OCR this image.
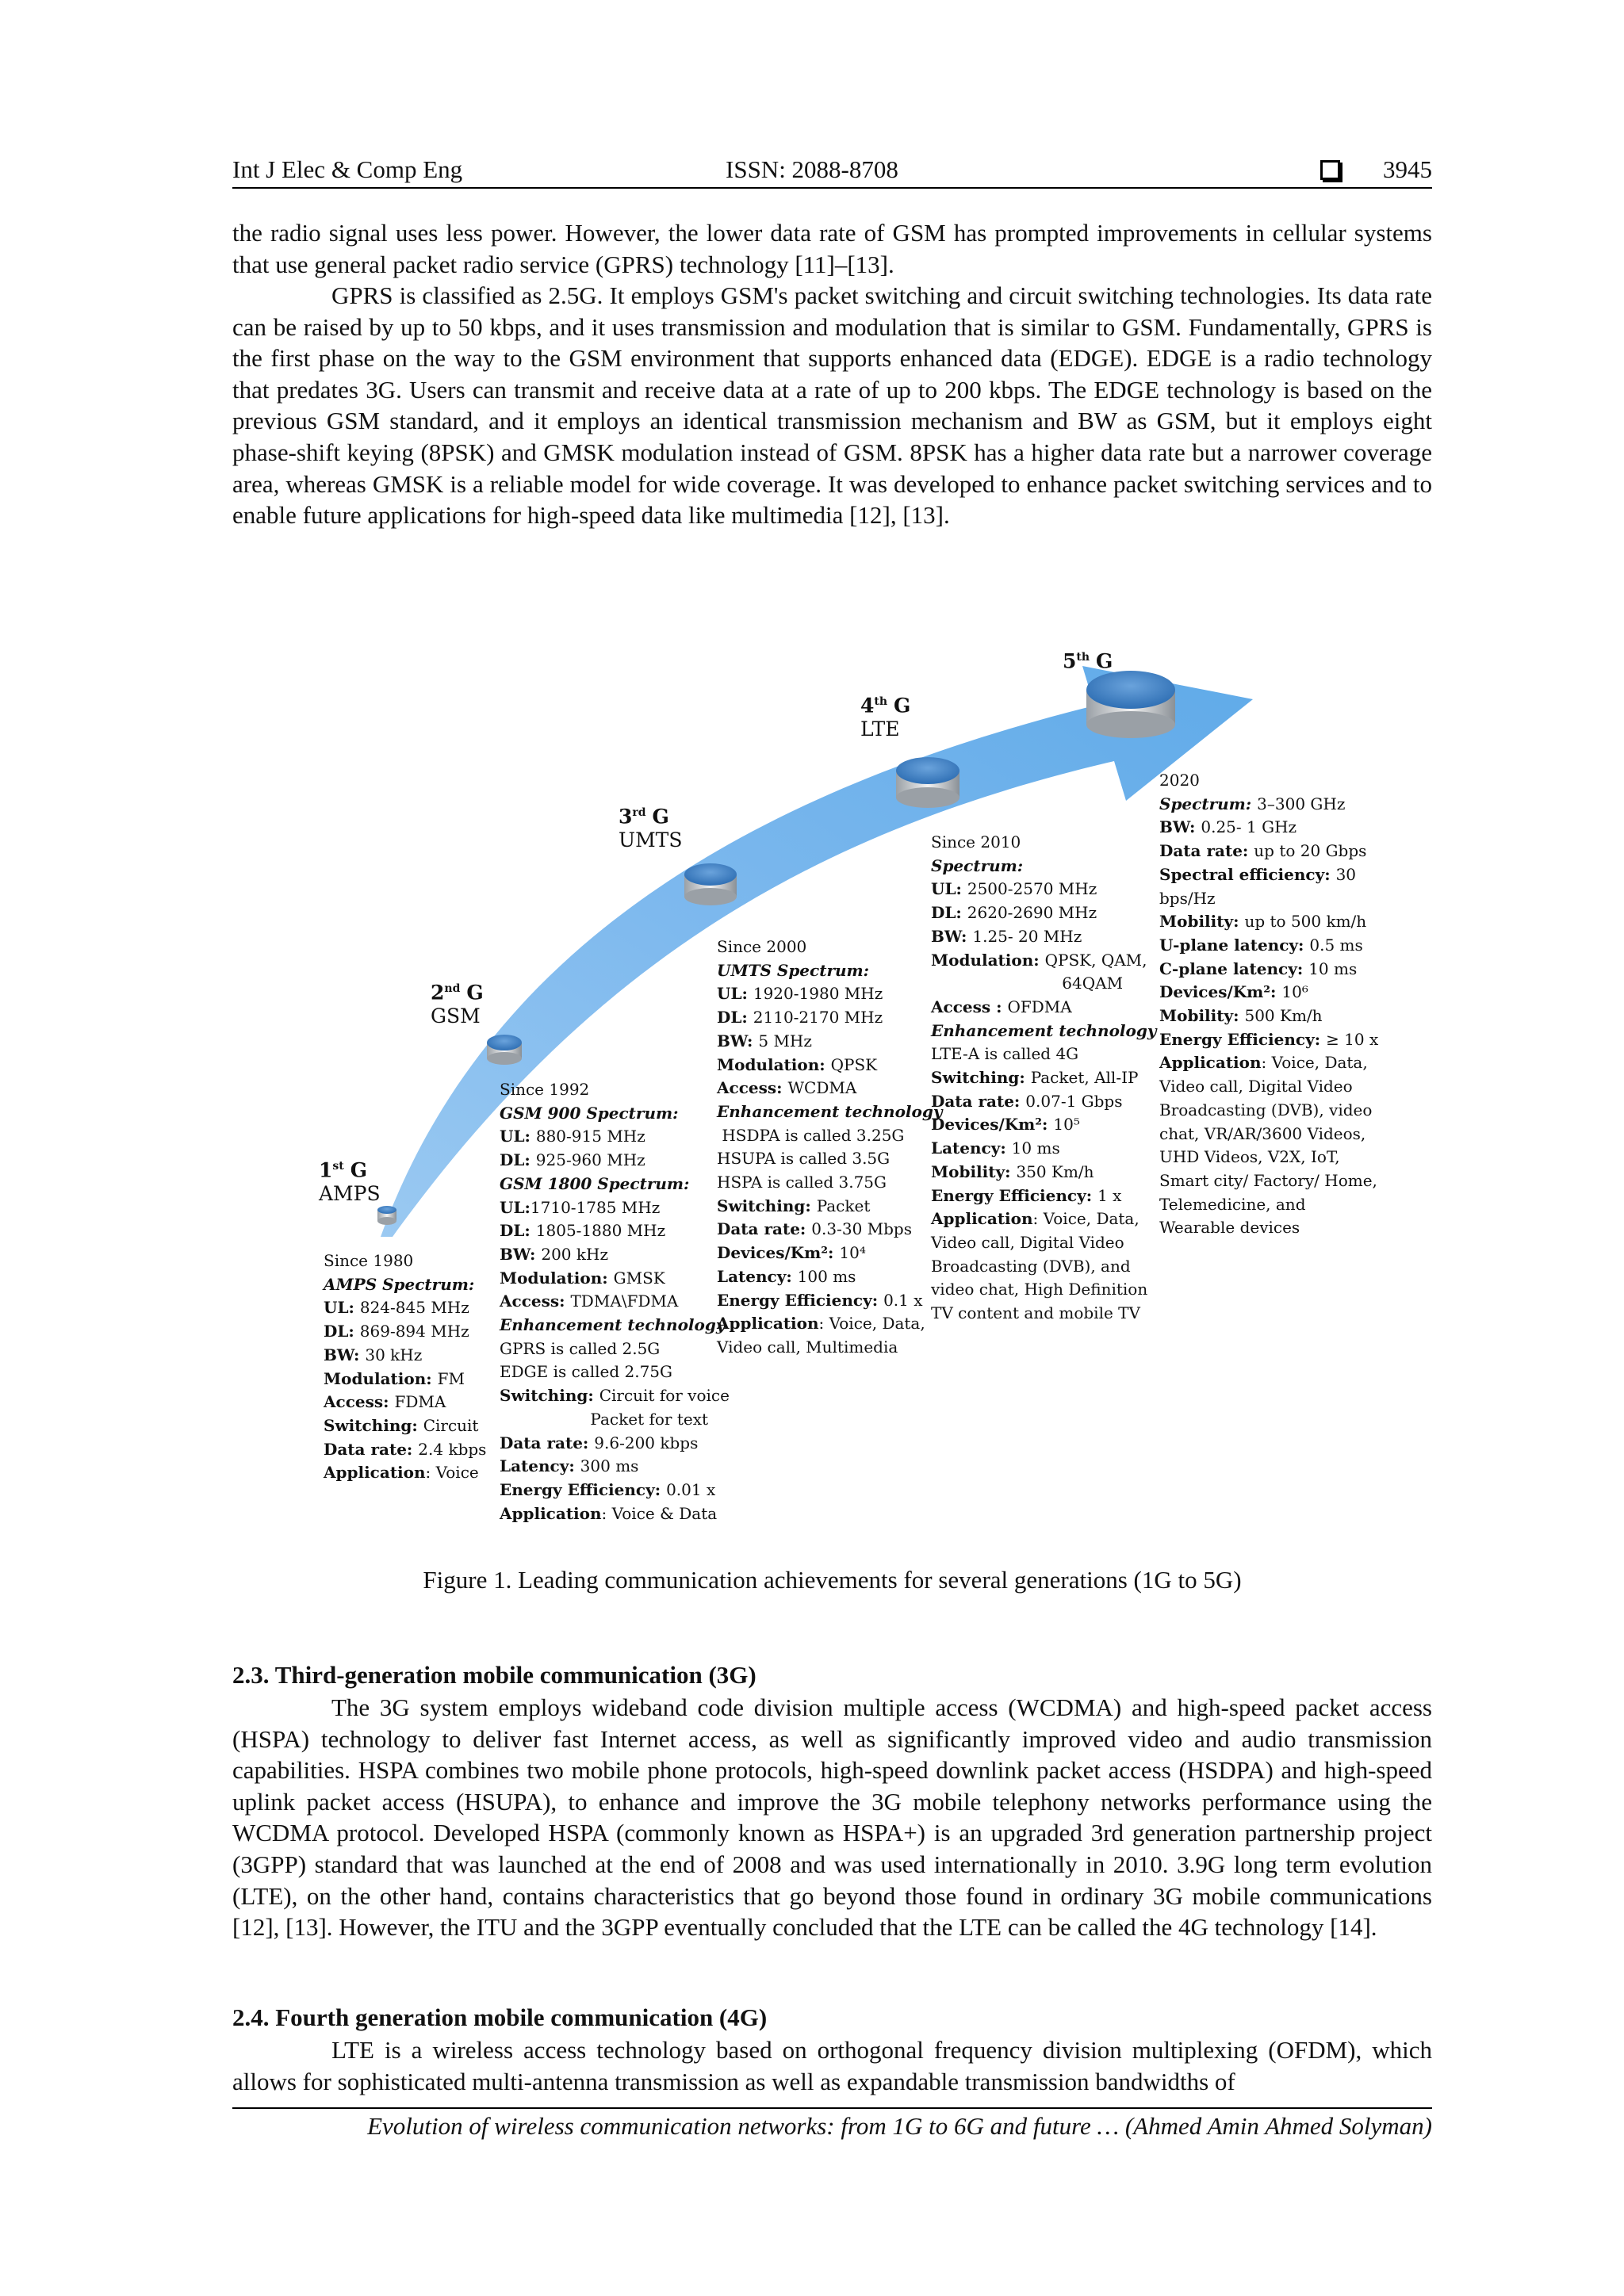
Int J Elec & Comp Eng	ISSN: 2088-8708	3945

the radio signal uses less power. However, the lower data rate of GSM has prompted improvements in cellular systems that use general packet radio service (GPRS) technology [11]–[13].

GPRS is classified as 2.5G. It employs GSM's packet switching and circuit switching technologies. Its data rate can be raised by up to 50 kbps, and it uses transmission and modulation that is similar to GSM. Fundamentally, GPRS is the first phase on the way to the GSM environment that supports enhanced data (EDGE). EDGE is a radio technology that predates 3G. Users can transmit and receive data at a rate of up to 200 kbps. The EDGE technology is based on the previous GSM standard, and it employs an identical transmission mechanism and BW as GSM, but it employs eight phase-shift keying (8PSK) and GMSK modulation instead of GSM. 8PSK has a higher data rate but a narrower coverage area, whereas GMSK is a reliable model for wide coverage. It was developed to enhance packet switching services and to enable future applications for high-speed data like multimedia [12], [13].

1st G
AMPS
2nd G
GSM
3rd G
UMTS
4th G
LTE
5th G
Since 1980
AMPS Spectrum:
UL: 824-845 MHz
DL: 869-894 MHz
BW: 30 kHz
Modulation: FM
Access: FDMA
Switching: Circuit
Data rate: 2.4 kbps
Application: Voice
Since 1992
GSM 900 Spectrum:
UL: 880-915 MHz
DL: 925-960 MHz
GSM 1800 Spectrum:
UL:1710-1785 MHz
DL: 1805-1880 MHz
BW: 200 kHz
Modulation: GMSK
Access: TDMA\FDMA
Enhancement technology
GPRS is called 2.5G
EDGE is called 2.75G
Switching: Circuit for voice
Packet for text
Data rate: 9.6-200 kbps
Latency: 300 ms
Energy Efficiency: 0.01 x
Application: Voice & Data
Since 2000
UMTS Spectrum:
UL: 1920-1980 MHz
DL: 2110-2170 MHz
BW: 5 MHz
Modulation: QPSK
Access: WCDMA
Enhancement technology
HSDPA is called 3.25G
HSUPA is called 3.5G
HSPA is called 3.75G
Switching: Packet
Data rate: 0.3-30 Mbps
Devices/Km²: 10⁴
Latency: 100 ms
Energy Efficiency: 0.1 x
Application: Voice, Data,
Video call, Multimedia
Since 2010
Spectrum:
UL: 2500-2570 MHz
DL: 2620-2690 MHz
BW: 1.25- 20 MHz
Modulation: QPSK, QAM,
64QAM
Access : OFDMA
Enhancement technology
LTE-A is called 4G
Switching: Packet, All-IP
Data rate: 0.07-1 Gbps
Devices/Km²: 10⁵
Latency: 10 ms
Mobility: 350 Km/h
Energy Efficiency: 1 x
Application: Voice, Data,
Video call, Digital Video
Broadcasting (DVB), and
video chat, High Definition
TV content and mobile TV
2020
Spectrum: 3–300 GHz
BW: 0.25- 1 GHz
Data rate: up to 20 Gbps
Spectral efficiency: 30
bps/Hz
Mobility: up to 500 km/h
U-plane latency: 0.5 ms
C-plane latency: 10 ms
Devices/Km²: 10⁶
Mobility: 500 Km/h
Energy Efficiency: ≥ 10 x
Application: Voice, Data,
Video call, Digital Video
Broadcasting (DVB), video
chat, VR/AR/3600 Videos,
UHD Videos, V2X, IoT,
Smart city/ Factory/ Home,
Telemedicine, and
Wearable devices
Figure 1. Leading communication achievements for several generations (1G to 5G)
2.3. Third-generation mobile communication (3G)

The 3G system employs wideband code division multiple access (WCDMA) and high-speed packet access (HSPA) technology to deliver fast Internet access, as well as significantly improved video and audio transmission capabilities. HSPA combines two mobile phone protocols, high-speed downlink packet access (HSDPA) and high-speed uplink packet access (HSUPA), to enhance and improve the 3G mobile telephony networks performance using the WCDMA protocol. Developed HSPA (commonly known as HSPA+) is an upgraded 3rd generation partnership project (3GPP) standard that was launched at the end of 2008 and was used internationally in 2010. 3.9G long term evolution (LTE), on the other hand, contains characteristics that go beyond those found in ordinary 3G mobile communications [12], [13]. However, the ITU and the 3GPP eventually concluded that the LTE can be called the 4G technology [14].

2.4. Fourth generation mobile communication (4G)

LTE is a wireless access technology based on orthogonal frequency division multiplexing (OFDM), which allows for sophisticated multi-antenna transmission as well as expandable transmission bandwidths of

Evolution of wireless communication networks: from 1G to 6G and future … (Ahmed Amin Ahmed Solyman)
